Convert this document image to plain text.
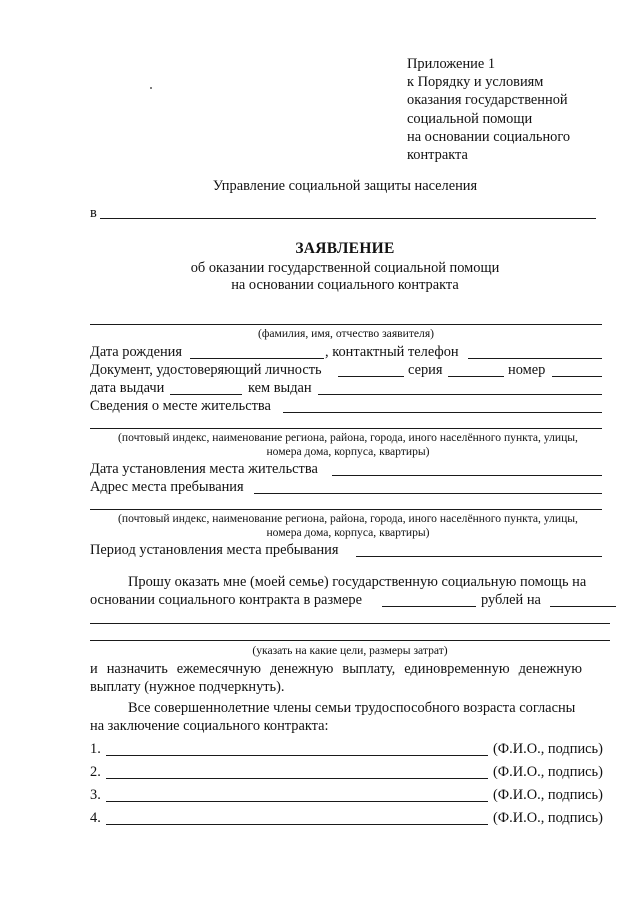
Приложение 1
к Порядку и условиям
оказания государственной
социальной помощи
на основании социального
контракта
Управление социальной защиты населения
в
ЗАЯВЛЕНИЕ
об оказании государственной социальной помощи
на основании социального контракта
(фамилия, имя, отчество заявителя)
Дата рождения	, контактный телефон
Документ, удостоверяющий личность	серия	номер
дата выдачи	кем выдан
Сведения о месте жительства
(почтовый индекс, наименование региона, района, города, иного населённого пункта, улицы,
номера дома, корпуса, квартиры)
Дата установления места жительства
Адрес места пребывания
(почтовый индекс, наименование региона, района, города, иного населённого пункта, улицы,
номера дома, корпуса, квартиры)
Период установления места пребывания
Прошу оказать мне (моей семье) государственную социальную помощь на
основании социального контракта в размере	рублей на
(указать на какие цели, размеры затрат)
и назначить ежемесячную денежную выплату, единовременную денежную
выплату (нужное подчеркнуть).
Все совершеннолетние члены семьи трудоспособного возраста согласны
на заключение социального контракта:
1.	(Ф.И.О., подпись)
2.	(Ф.И.О., подпись)
3.	(Ф.И.О., подпись)
4.	(Ф.И.О., подпись)
